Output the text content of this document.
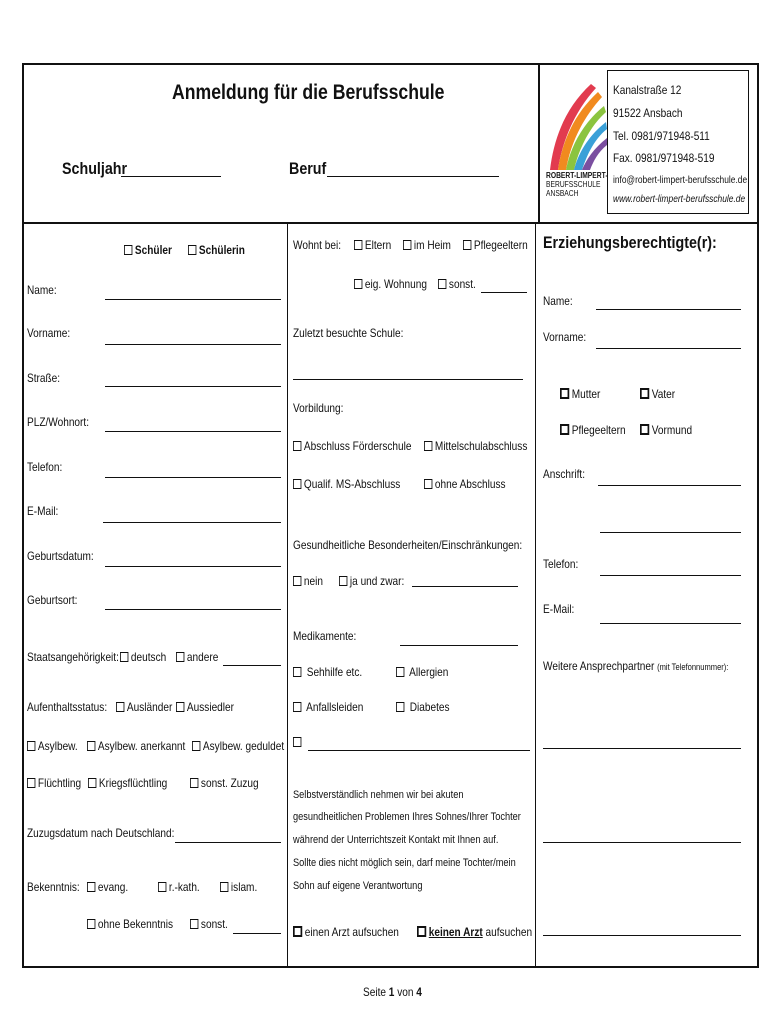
Anmeldung für die Berufsschule
Schuljahr	Beruf	ROBERT-LIMPERT-
BERUFSSCHULE
ANSBACH
Kanalstraße 12
91522 Ansbach
Tel. 0981/971948-511
Fax. 0981/971948-519
info@robert-limpert-berufsschule.de
www.robert-limpert-berufsschule.de
Schüler	Schülerin
Name:
Vorname:
Straße:
PLZ/Wohnort:
Telefon:
E-Mail:
Geburtsdatum:
Geburtsort:
Staatsangehörigkeit:	deutsch	andere
Aufenthaltsstatus:	Ausländer	Aussiedler
Asylbew.	Asylbew. anerkannt	Asylbew. geduldet
Flüchtling	Kriegsflüchtling	sonst. Zuzug
Zuzugsdatum nach Deutschland:
Bekenntnis:	evang.	r.-kath.	islam.
ohne Bekenntnis	sonst.
Wohnt bei:	Eltern	im Heim	Pflegeeltern
eig. Wohnung	sonst.
Zuletzt besuchte Schule:
Vorbildung:
Abschluss Förderschule	Mittelschulabschluss
Qualif. MS-Abschluss	ohne Abschluss
Gesundheitliche Besonderheiten/Einschränkungen:
nein	ja und zwar:
Medikamente:
Sehhilfe etc.	Allergien
Anfallsleiden	Diabetes
Selbstverständlich nehmen wir bei akuten
gesundheitlichen Problemen Ihres Sohnes/Ihrer Tochter
während der Unterrichtszeit Kontakt mit Ihnen auf.
Sollte dies nicht möglich sein, darf meine Tochter/mein
Sohn auf eigene Verantwortung
einen Arzt aufsuchen	keinen Arzt aufsuchen
Erziehungsberechtigte(r):
Name:
Vorname:
Mutter	Vater
Pflegeeltern	Vormund
Anschrift:
Telefon:
E-Mail:
Weitere Ansprechpartner (mit Telefonnummer):
Seite 1 von 4
